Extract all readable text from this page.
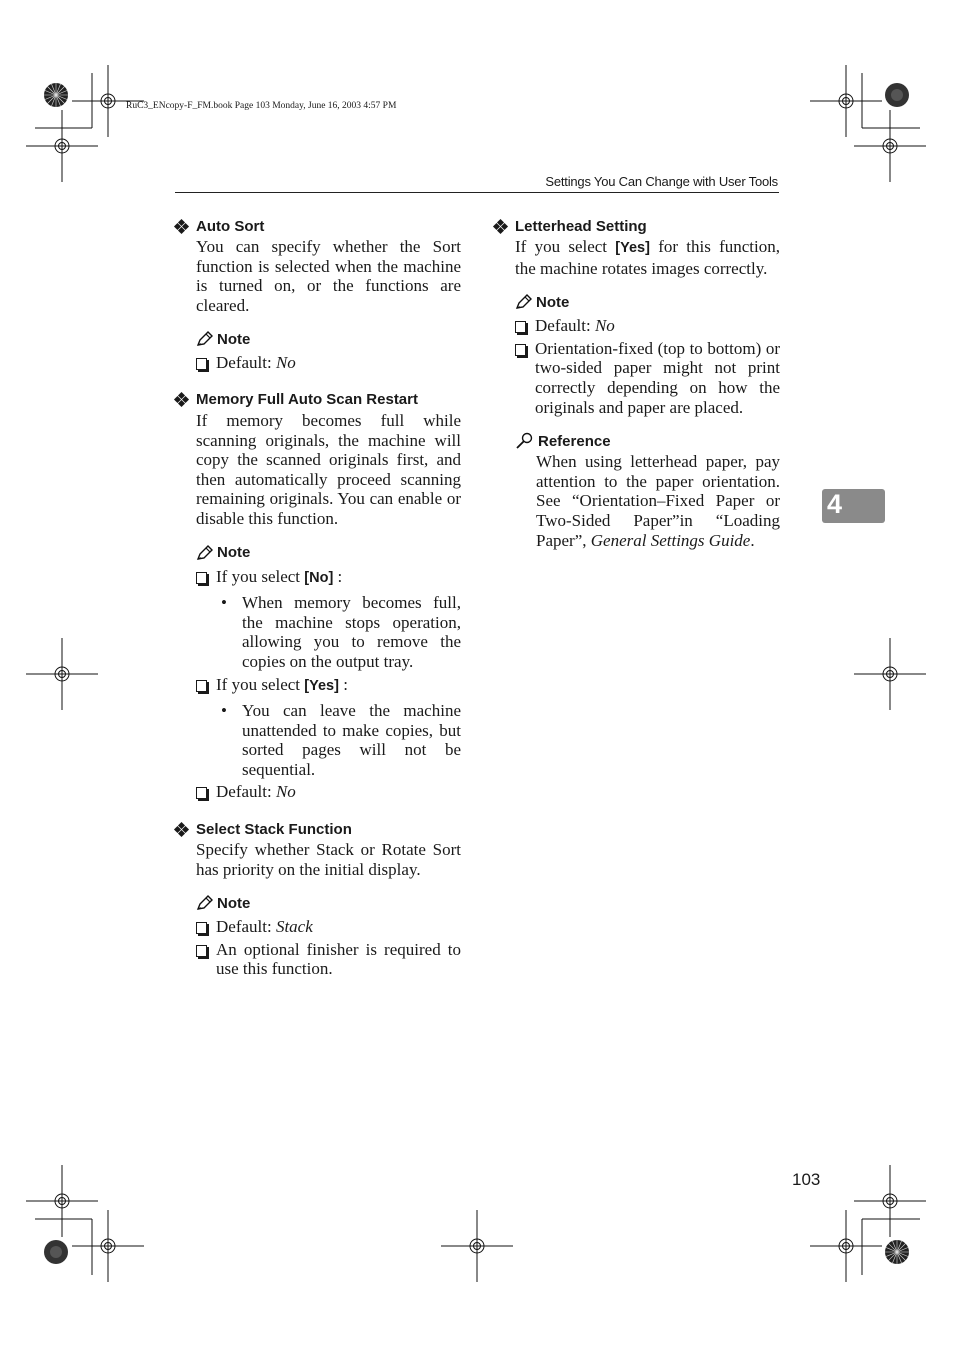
RuC3_ENcopy-F_FM.book Page 103 Monday, June 16, 2003 4:57 PM
Settings You Can Change with User Tools
4
103
Auto Sort
You can specify whether the Sort function is selected when the machine is turned on, or the functions are cleared.
Note
Default: No
Memory Full Auto Scan Restart
If memory becomes full while scanning originals, the machine will copy the scanned originals first, and then automatically proceed scanning remaining originals. You can enable or disable this function.
Note
If you select [No] :
• When memory becomes full, the machine stops operation, allowing you to remove the copies on the output tray.
If you select [Yes] :
• You can leave the machine unattended to make copies, but sorted pages will not be sequential.
Default: No
Select Stack Function
Specify whether Stack or Rotate Sort has priority on the initial display.
Note
Default: Stack
An optional finisher is required to use this function.
Letterhead Setting
If you select [Yes] for this function, the machine rotates images correctly.
Note
Default: No
Orientation-fixed (top to bottom) or two-sided paper might not print correctly depending on how the originals and paper are placed.
Reference
When using letterhead paper, pay attention to the paper orientation. See “Orientation–Fixed Paper or Two-Sided Paper”in “Loading Paper”, General Settings Guide.
